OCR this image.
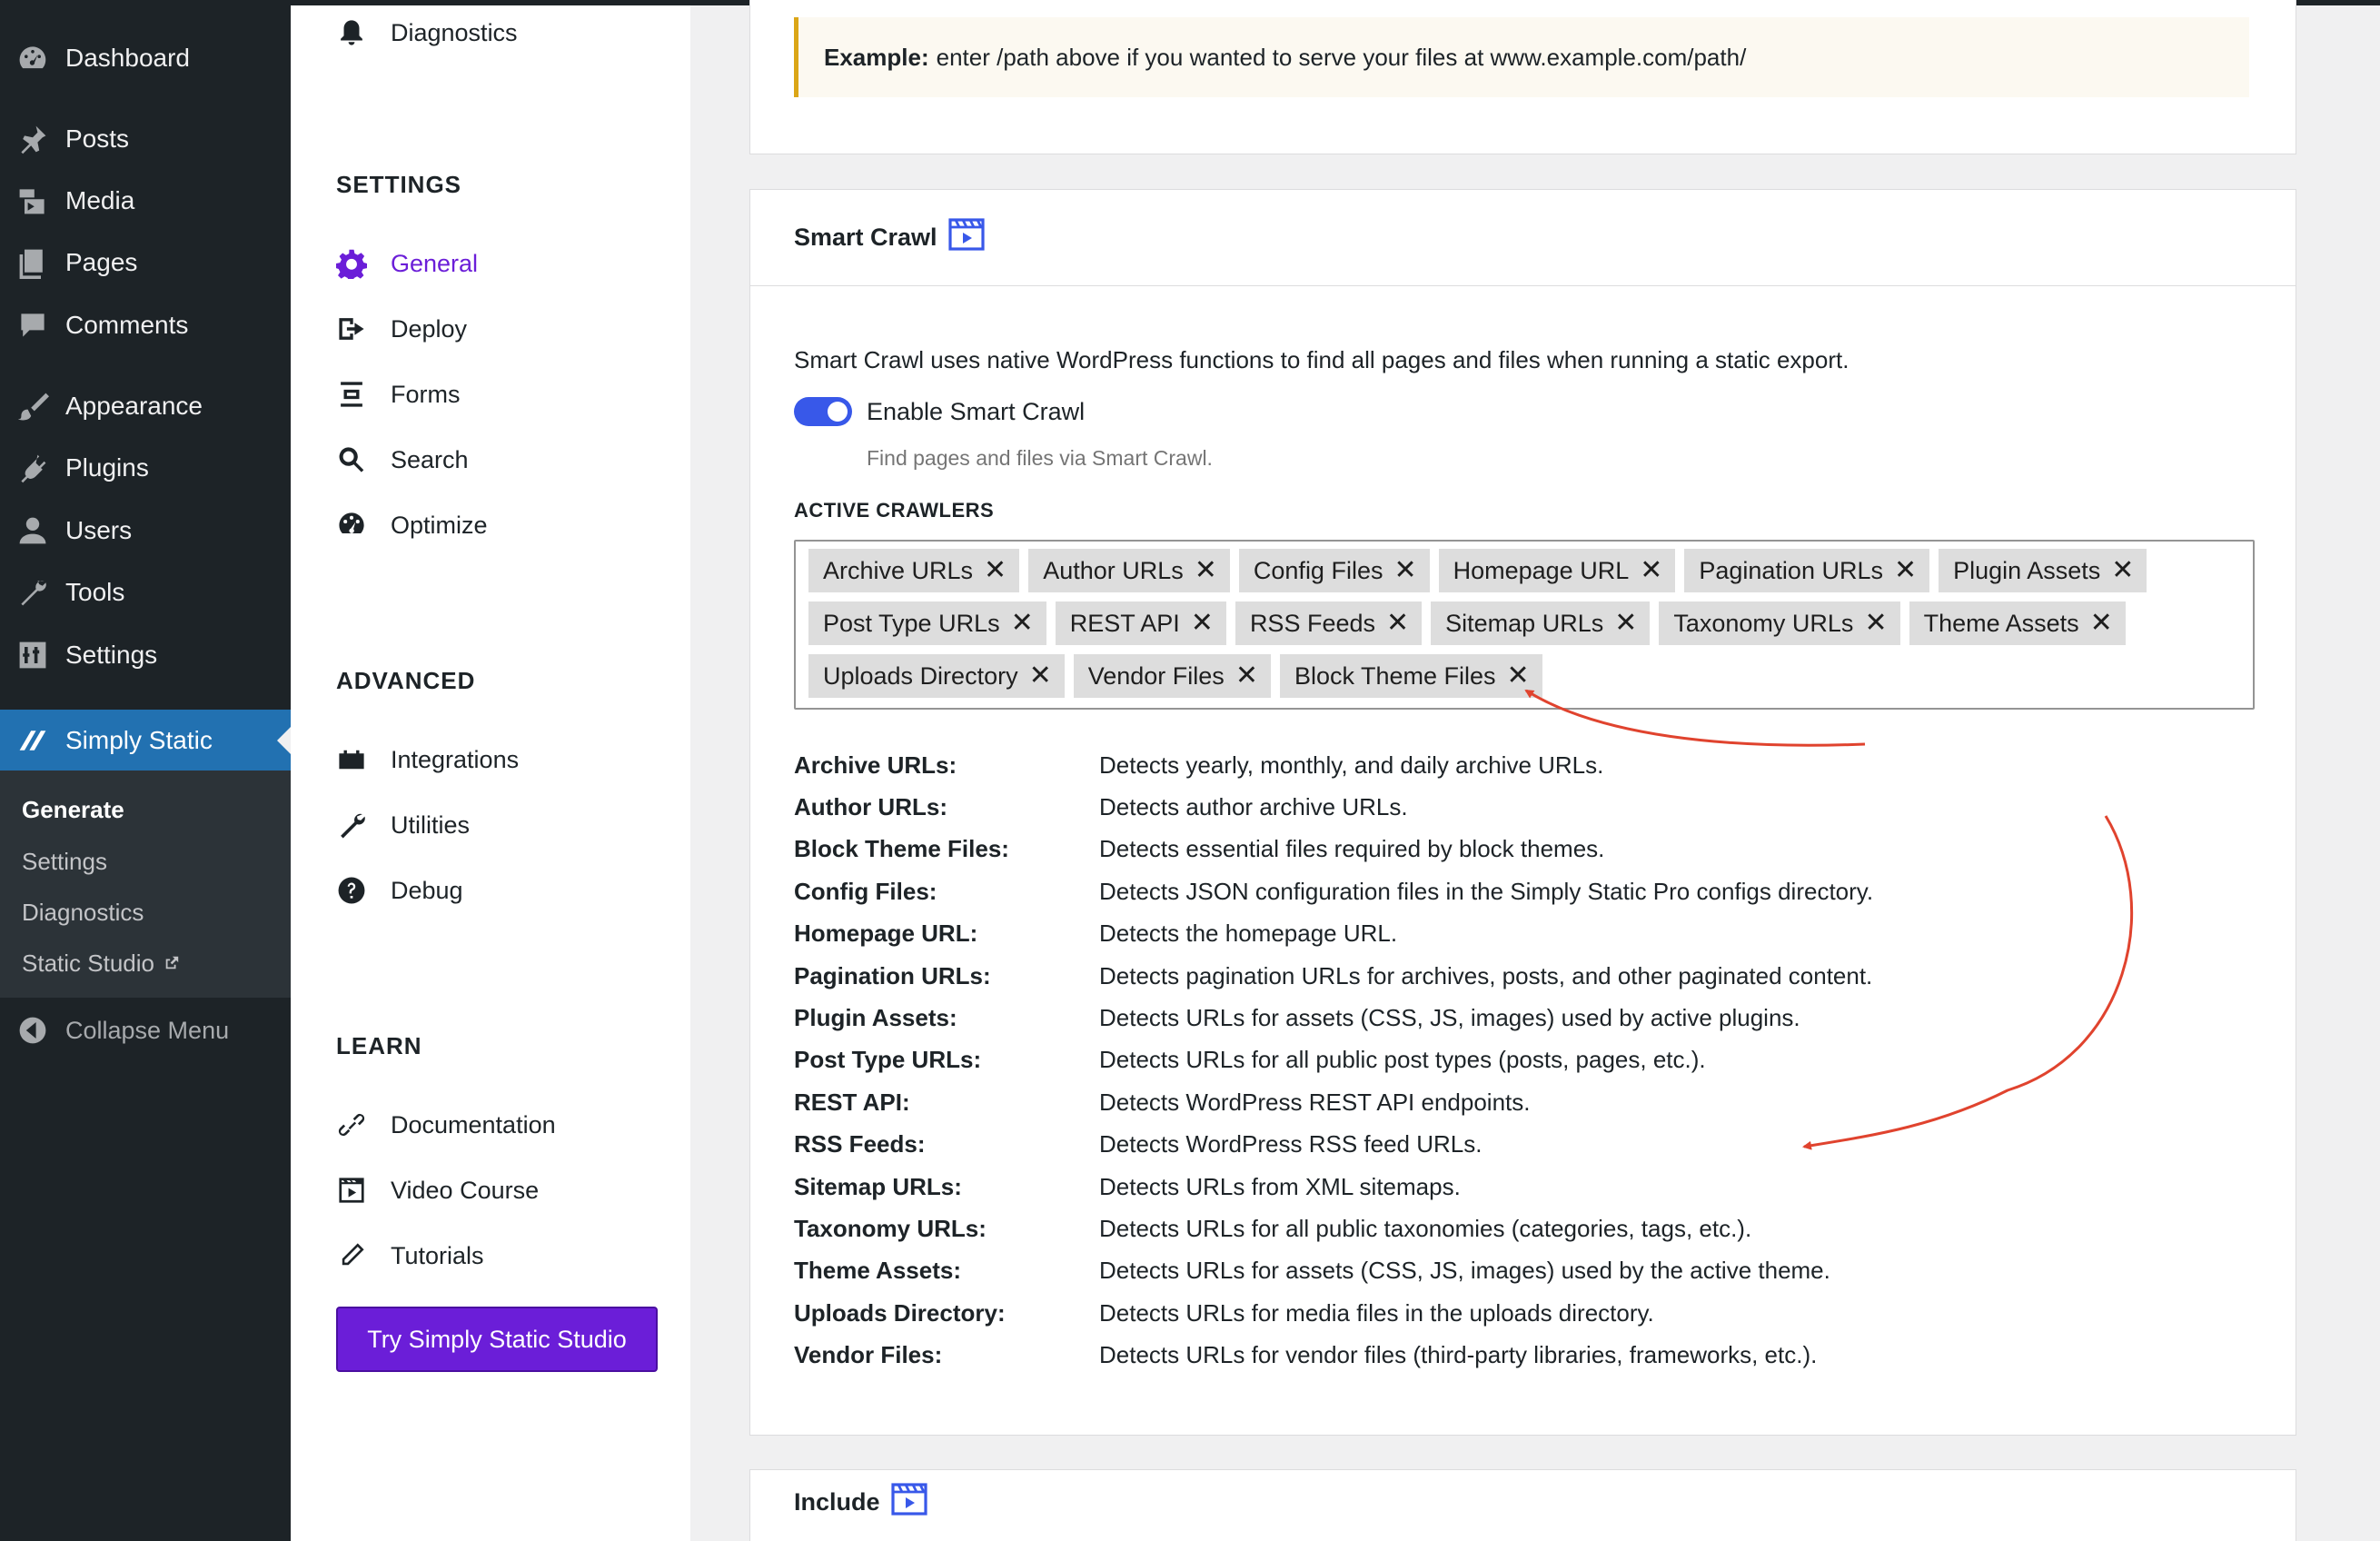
Dashboard
Posts
Media
Pages
Comments
Appearance
Plugins
Users
Tools
Settings
Simply Static
Generate
Settings
Diagnostics
Static Studio
Collapse Menu
Diagnostics
SETTINGS
General
Deploy
Forms
Search
Optimize
ADVANCED
Integrations
Utilities
Debug
LEARN
Documentation
Video Course
Tutorials
Try Simply Static Studio
Example: enter /path above if you wanted to serve your files at www.example.com/path/
Smart Crawl
Smart Crawl uses native WordPress functions to find all pages and files when running a static export.
Enable Smart Crawl
Find pages and files via Smart Crawl.
ACTIVE CRAWLERS
Archive URLs ✕ Author URLs ✕ Config Files ✕ Homepage URL ✕ Pagination URLs ✕ Plugin Assets ✕
Post Type URLs ✕ REST API ✕ RSS Feeds ✕ Sitemap URLs ✕ Taxonomy URLs ✕ Theme Assets ✕
Uploads Directory ✕ Vendor Files ✕ Block Theme Files ✕
Archive URLs:	Detects yearly, monthly, and daily archive URLs.
Author URLs:	Detects author archive URLs.
Block Theme Files:	Detects essential files required by block themes.
Config Files:	Detects JSON configuration files in the Simply Static Pro configs directory.
Homepage URL:	Detects the homepage URL.
Pagination URLs:	Detects pagination URLs for archives, posts, and other paginated content.
Plugin Assets:	Detects URLs for assets (CSS, JS, images) used by active plugins.
Post Type URLs:	Detects URLs for all public post types (posts, pages, etc.).
REST API:	Detects WordPress REST API endpoints.
RSS Feeds:	Detects WordPress RSS feed URLs.
Sitemap URLs:	Detects URLs from XML sitemaps.
Taxonomy URLs:	Detects URLs for all public taxonomies (categories, tags, etc.).
Theme Assets:	Detects URLs for assets (CSS, JS, images) used by the active theme.
Uploads Directory:	Detects URLs for media files in the uploads directory.
Vendor Files:	Detects URLs for vendor files (third-party libraries, frameworks, etc.).
Include
